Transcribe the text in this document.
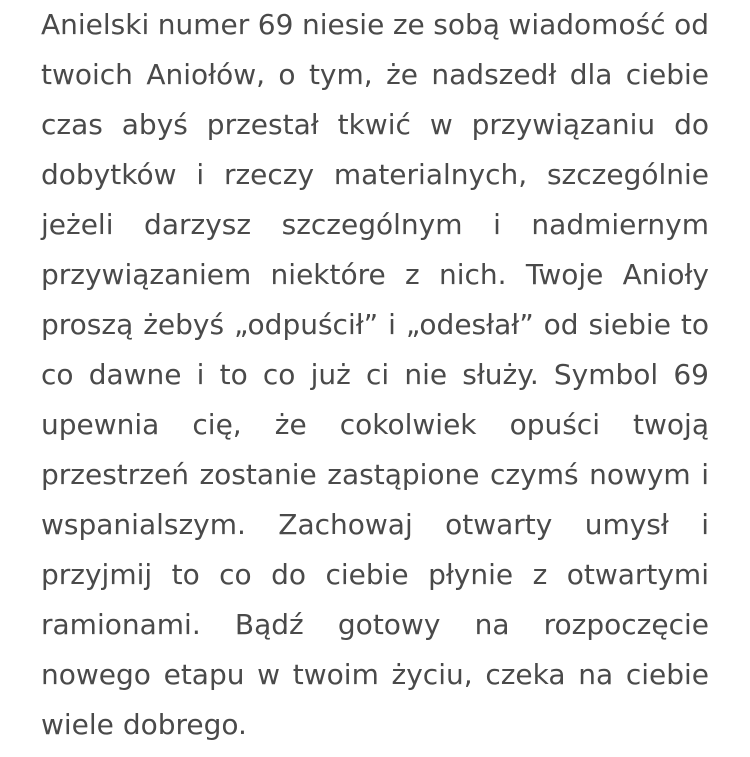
Anielski numer 69 niesie ze sobą wiadomość od
twoich Aniołów, o tym, że nadszedł dla ciebie
czas abyś przestał tkwić w przywiązaniu do
dobytków i rzeczy materialnych, szczególnie
jeżeli darzysz szczególnym i nadmiernym
przywiązaniem niektóre z nich. Twoje Anioły
proszą żebyś „odpuścił” i „odesłał” od siebie to
co dawne i to co już ci nie służy. Symbol 69
upewnia cię, że cokolwiek opuści twoją
przestrzeń zostanie zastąpione czymś nowym i
wspanialszym. Zachowaj otwarty umysł i
przyjmij to co do ciebie płynie z otwartymi
ramionami. Bądź gotowy na rozpoczęcie
nowego etapu w twoim życiu, czeka na ciebie
wiele dobrego.
